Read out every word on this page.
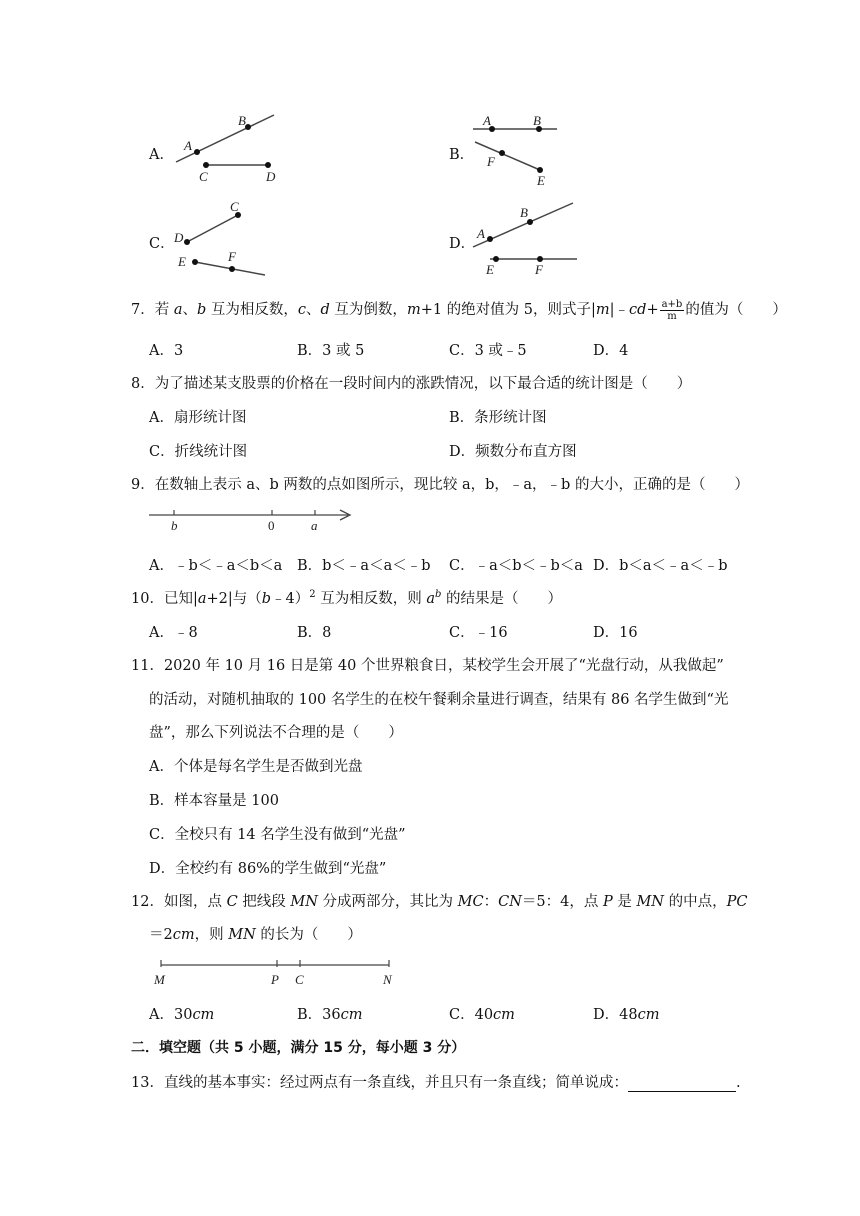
A．
A
B
C	D
B．
A	B
F
E
C．
C
D
E	F
D．
A
B
E	F
7．若 a、b 互为相反数，c、d 互为倒数，m+1 的绝对值为 5，则式子|m|﹣cd+ $\frac{a+b}{m}$ 的值为（　　）
A．3	B．3 或 5	C．3 或﹣5	D．4
8．为了描述某支股票的价格在一段时间内的涨跌情况，以下最合适的统计图是（　　）
A．扇形统计图	B．条形统计图
C．折线统计图	D．频数分布直方图
9．在数轴上表示 a、b 两数的点如图所示，现比较 a，b，﹣a，﹣b 的大小，正确的是（　　）
b	0	a
A．﹣b＜﹣a＜b＜a B．b＜﹣a＜a＜﹣b C．﹣a＜b＜﹣b＜a D．b＜a＜﹣a＜﹣b
10．已知|a+2|与（b﹣4）$^2$ 互为相反数，则 $a^b$ 的结果是（　　）
A．﹣8	B．8	C．﹣16	D．16
11．2020 年 10 月 16 日是第 40 个世界粮食日，某校学生会开展了“光盘行动，从我做起”
的活动，对随机抽取的 100 名学生的在校午餐剩余量进行调查，结果有 86 名学生做到“光
盘”，那么下列说法不合理的是（　　）
A．个体是每名学生是否做到光盘
B．样本容量是 100
C．全校只有 14 名学生没有做到“光盘”
D．全校约有 86%的学生做到“光盘”
12．如图，点 C 把线段 MN 分成两部分，其比为 MC：CN＝5：4，点 P 是 MN 的中点，PC
＝2cm，则 MN 的长为（　　）
M	P C	N
A．30cm	B．36cm	C．40cm	D．48cm
二．填空题（共 5 小题，满分 15 分，每小题 3 分）
13．直线的基本事实：经过两点有一条直线，并且只有一条直线；简单说成：	.
